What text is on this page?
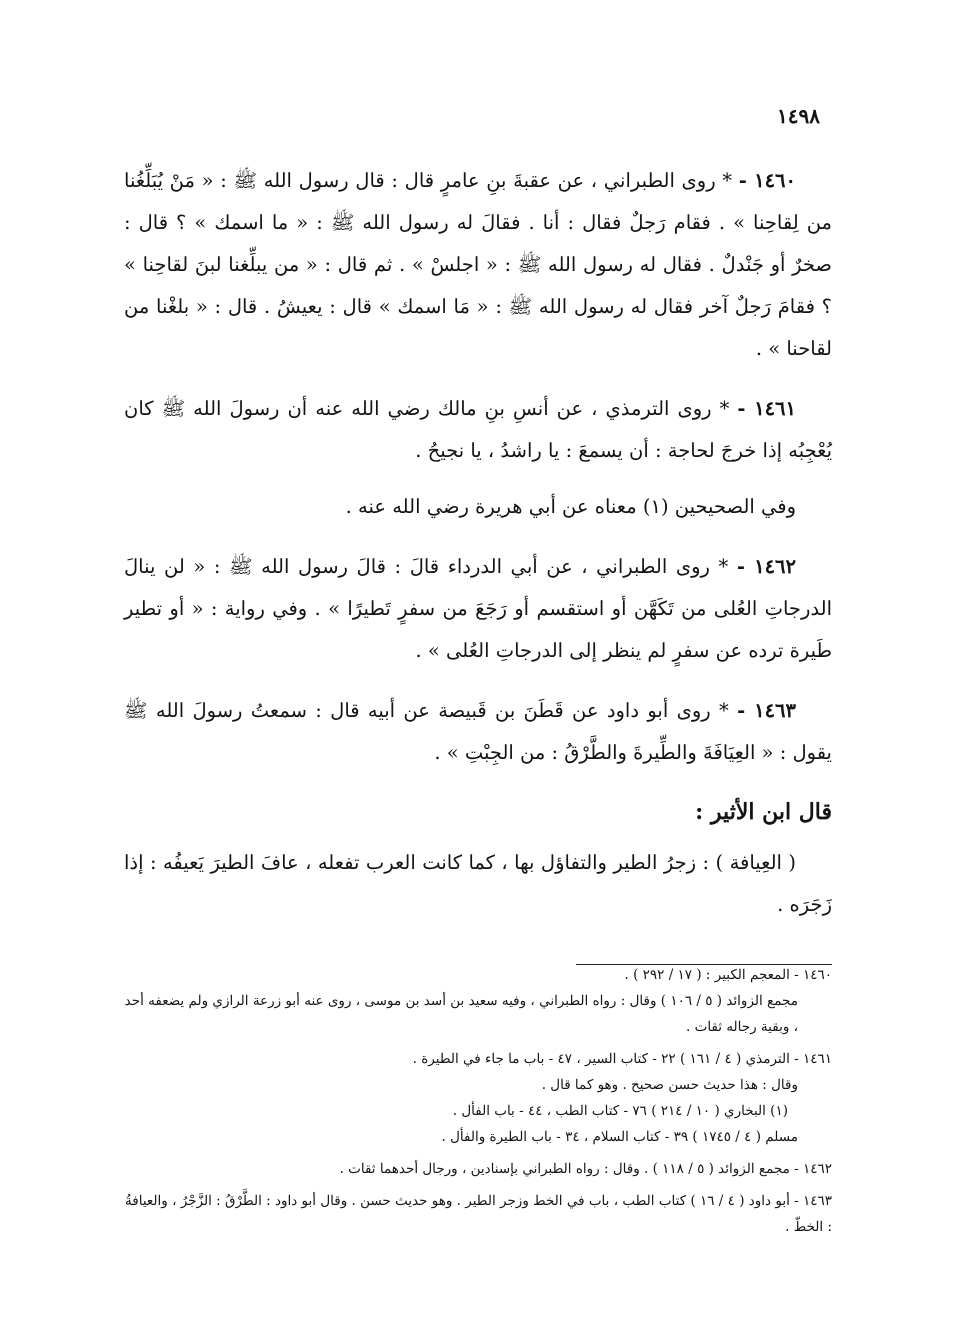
١٤٩٨

١٤٦٠ - * روى الطبراني ، عن عقبةَ بنِ عامرٍ قال : قال رسول الله ﷺ : « مَنْ يُبَلِّغُنا من لِقاحِنا » . فقام رَجلٌ فقال : أنا . فقالَ له رسول الله ﷺ : « ما اسمك » ؟ قال : صخرٌ أو جَنْدلٌ . فقال له رسول الله ﷺ : « اجلسْ » . ثم قال : « من يبلِّغنا لبنَ لقاحِنا » ؟ فقامَ رَجلٌ آخر فقال له رسول الله ﷺ : « مَا اسمك » قال : يعيشُ . قال : « بلغْنا من لقاحنا » .

١٤٦١ - * روى الترمذي ، عن أنسِ بنِ مالك رضي الله عنه أن رسولَ الله ﷺ كان يُعْجِبُه إذا خرجَ لحاجة : أن يسمعَ : يا راشدُ ، يا نجيحُ .

وفي الصحيحين (١) معناه عن أبي هريرة رضي الله عنه .

١٤٦٢ - * روى الطبراني ، عن أبي الدرداء قالَ : قالَ رسول الله ﷺ : « لن ينالَ الدرجاتِ العُلى من تَكَهَّن أو استقسم أو رَجَعَ من سفرٍ تَطيرًا » . وفي رواية : « أو تطير طَيرة ترده عن سفرٍ لم ينظر إلى الدرجاتِ العُلى » .

١٤٦٣ - * روى أبو داود عن قَطَنَ بن قَبيصة عن أبيه قال : سمعتُ رسولَ الله ﷺ يقول : « العِيَافَةَ والطِّيرةَ والطَّرْقُ : من الجِبْتِ » .

قال ابن الأثير :

( العِيافة ) : زجرُ الطير والتفاؤل بها ، كما كانت العرب تفعله ، عافَ الطيرَ يَعيفُه : إذا زَجَرَه .

١٤٦٠ - المعجم الكبير : ( ١٧ / ٢٩٢ ) .

مجمع الزوائد ( ٥ / ١٠٦ ) وقال : رواه الطبراني ، وفيه سعيد بن أسد بن موسى ، روى عنه أبو زرعة الرازي ولم يضعفه أحد ، وبقية رجاله ثقات .

١٤٦١ - الترمذي ( ٤ / ١٦١ ) ٢٢ - كتاب السير ، ٤٧ - باب ما جاء في الطيرة .

وقال : هذا حديث حسن صحيح . وهو كما قال .

(١) البخاري ( ١٠ / ٢١٤ ) ٧٦ - كتاب الطب ، ٤٤ - باب الفأل .

مسلم ( ٤ / ١٧٤٥ ) ٣٩ - كتاب السلام ، ٣٤ - باب الطيرة والفأل .

١٤٦٢ - مجمع الزوائد ( ٥ / ١١٨ ) . وقال : رواه الطبراني بإسنادين ، ورجال أحدهما ثقات .

١٤٦٣ - أبو داود ( ٤ / ١٦ ) كتاب الطب ، باب في الخط وزجر الطير . وهو حديث حسن . وقال أبو داود : الطَّرْقُ : الزَّجْرُ ، والعيافةُ : الخطّ .
